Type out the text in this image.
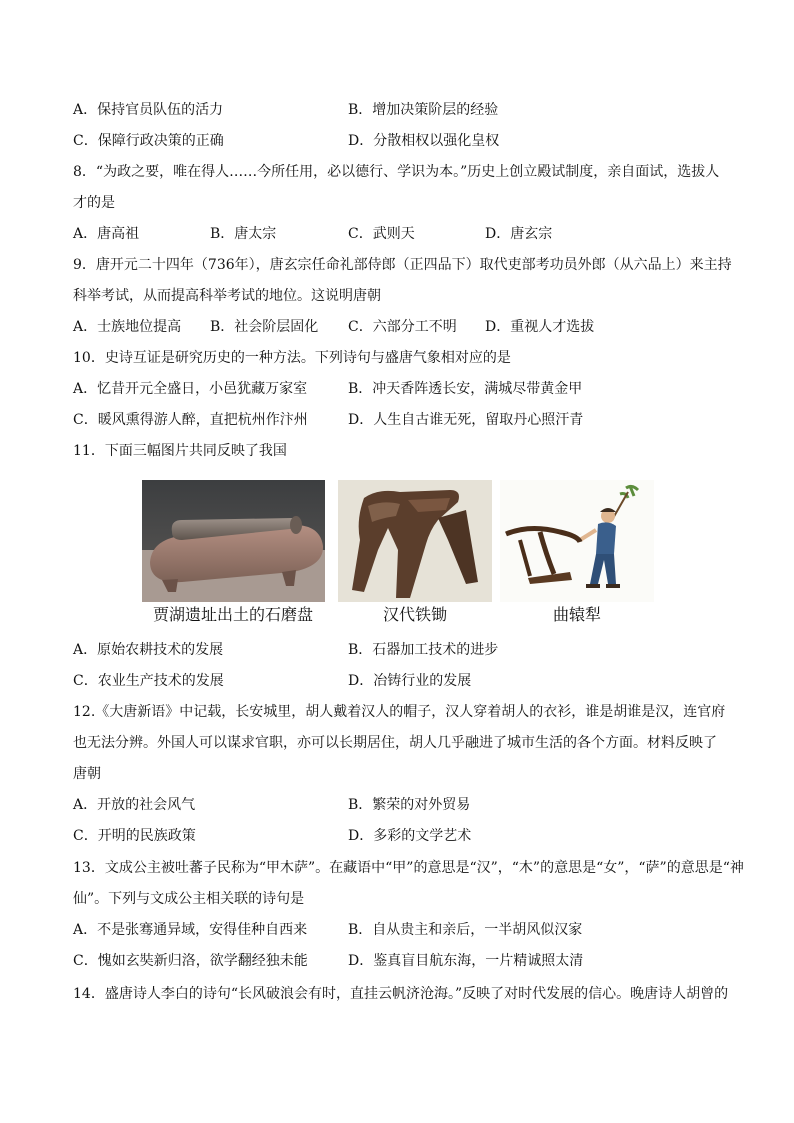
A．保持官员队伍的活力	B．增加决策阶层的经验
C．保障行政决策的正确	D．分散相权以强化皇权
8．“为政之要，唯在得人……今所任用，必以德行、学识为本。”历史上创立殿试制度，亲自面试，选拔人
才的是
A．唐高祖	B．唐太宗	C．武则天	D．唐玄宗
9．唐开元二十四年（736年），唐玄宗任命礼部侍郎（正四品下）取代吏部考功员外郎（从六品上）来主持
科举考试，从而提高科举考试的地位。这说明唐朝
A．士族地位提高 B．社会阶层固化 C．六部分工不明 D．重视人才选拔
10．史诗互证是研究历史的一种方法。下列诗句与盛唐气象相对应的是
A．忆昔开元全盛日，小邑犹藏万家室	B．冲天香阵透长安，满城尽带黄金甲
C．暖风熏得游人醉，直把杭州作汴州	D．人生自古谁无死，留取丹心照汗青
11．下面三幅图片共同反映了我国
贾湖遗址出土的石磨盘	汉代铁锄	曲辕犁
A．原始农耕技术的发展	B．石器加工技术的进步
C．农业生产技术的发展	D．冶铸行业的发展
12.《大唐新语》中记载，长安城里，胡人戴着汉人的帽子，汉人穿着胡人的衣衫，谁是胡谁是汉，连官府
也无法分辨。外国人可以谋求官职，亦可以长期居住，胡人几乎融进了城市生活的各个方面。材料反映了
唐朝
A．开放的社会风气	B．繁荣的对外贸易
C．开明的民族政策	D．多彩的文学艺术
13．文成公主被吐蕃子民称为“甲木萨”。在藏语中“甲”的意思是“汉”，“木”的意思是“女”，“萨”的意思是“神
仙”。下列与文成公主相关联的诗句是
A．不是张骞通异域，安得佳种自西来	B．自从贵主和亲后，一半胡风似汉家
C．愧如玄奘新归洛，欲学翻经独未能	D．鉴真盲目航东海，一片精诚照太清
14．盛唐诗人李白的诗句“长风破浪会有时，直挂云帆济沧海。”反映了对时代发展的信心。晚唐诗人胡曾的
